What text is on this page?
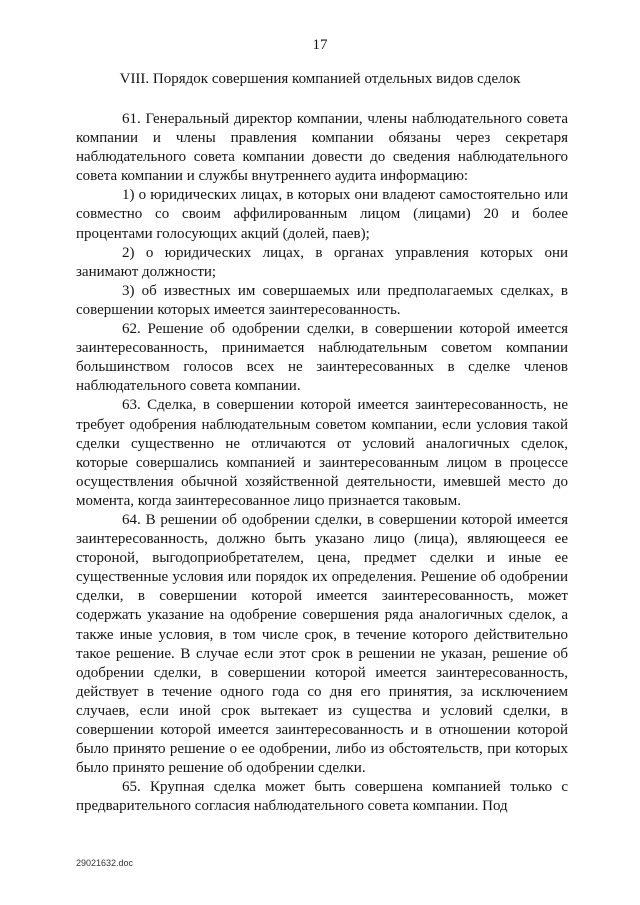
17
VIII. Порядок совершения компанией отдельных видов сделок

61. Генеральный директор компании, члены наблюдательного совета компании и члены правления компании обязаны через секретаря наблюдательного совета компании довести до сведения наблюдательного совета компании и службы внутреннего аудита информацию:

1) о юридических лицах, в которых они владеют самостоятельно или совместно со своим аффилированным лицом (лицами) 20 и более процентами голосующих акций (долей, паев);

2) о юридических лицах, в органах управления которых они занимают должности;

3) об известных им совершаемых или предполагаемых сделках, в совершении которых имеется заинтересованность.

62. Решение об одобрении сделки, в совершении которой имеется заинтересованность, принимается наблюдательным советом компании большинством голосов всех не заинтересованных в сделке членов наблюдательного совета компании.

63. Сделка, в совершении которой имеется заинтересованность, не требует одобрения наблюдательным советом компании, если условия такой сделки существенно не отличаются от условий аналогичных сделок, которые совершались компанией и заинтересованным лицом в процессе осуществления обычной хозяйственной деятельности, имевшей место до момента, когда заинтересованное лицо признается таковым.

64. В решении об одобрении сделки, в совершении которой имеется заинтересованность, должно быть указано лицо (лица), являющееся ее стороной, выгодоприобретателем, цена, предмет сделки и иные ее существенные условия или порядок их определения. Решение об одобрении сделки, в совершении которой имеется заинтересованность, может содержать указание на одобрение совершения ряда аналогичных сделок, а также иные условия, в том числе срок, в течение которого действительно такое решение. В случае если этот срок в решении не указан, решение об одобрении сделки, в совершении которой имеется заинтересованность, действует в течение одного года со дня его принятия, за исключением случаев, если иной срок вытекает из существа и условий сделки, в совершении которой имеется заинтересованность и в отношении которой было принято решение о ее одобрении, либо из обстоятельств, при которых было принято решение об одобрении сделки.

65. Крупная сделка может быть совершена компанией только с предварительного согласия наблюдательного совета компании. Под

29021632.doc
